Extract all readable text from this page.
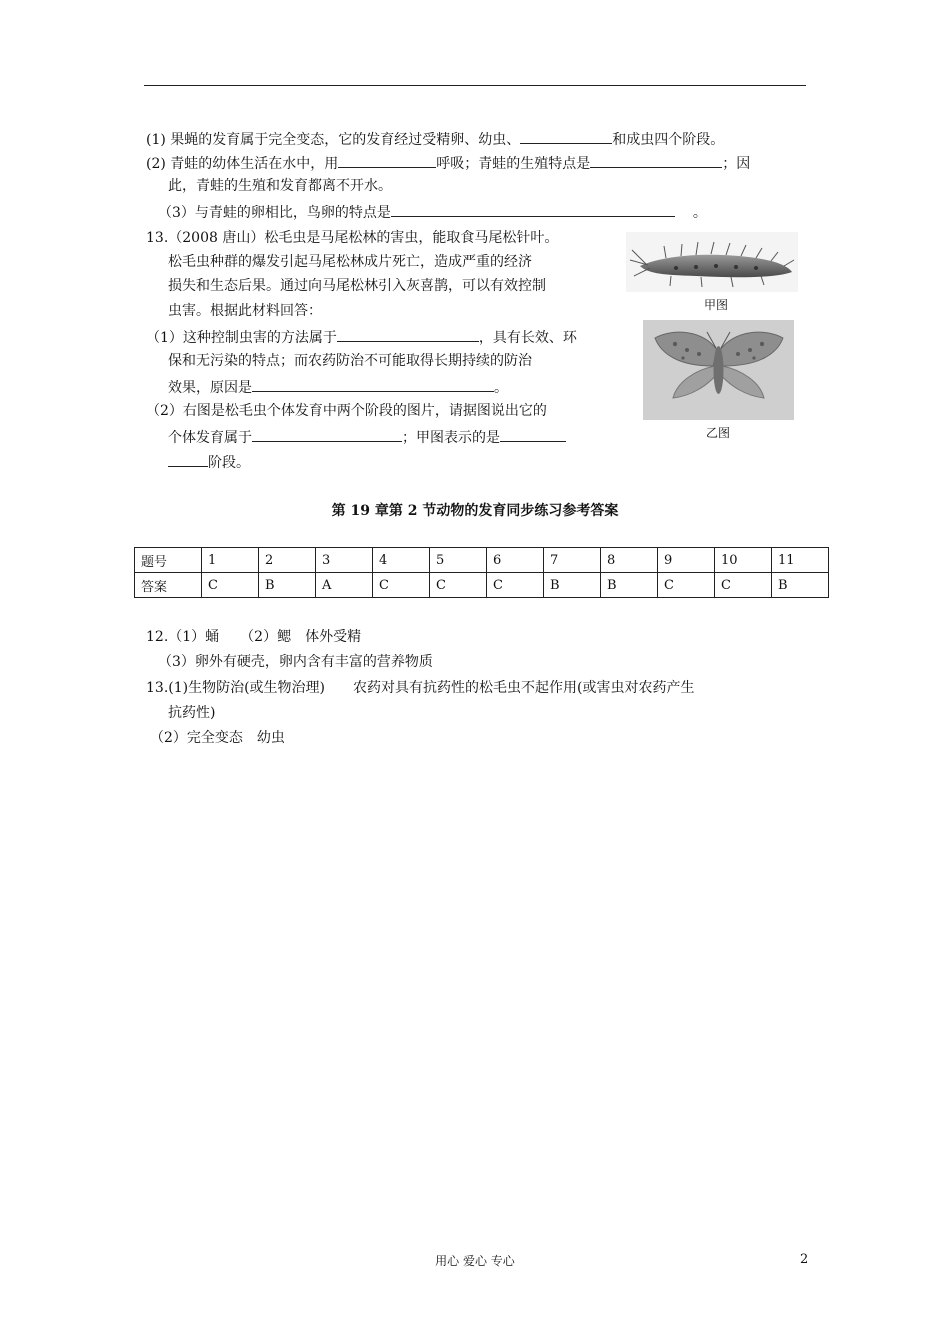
(1) 果蝇的发育属于完全变态，它的发育经过受精卵、幼虫、	和成虫四个阶段。
(2) 青蛙的幼体生活在水中，用	呼吸；青蛙的生殖特点是	；因
此，青蛙的生殖和发育都离不开水。
（3）与青蛙的卵相比，鸟卵的特点是	。
13.（2008 唐山）松毛虫是马尾松林的害虫，能取食马尾松针叶。
松毛虫种群的爆发引起马尾松林成片死亡，造成严重的经济
损失和生态后果。通过向马尾松林引入灰喜鹊，可以有效控制
虫害。根据此材料回答：
（1）这种控制虫害的方法属于	，具有长效、环
保和无污染的特点；而农药防治不可能取得长期持续的防治
效果，原因是	。
（2）右图是松毛虫个体发育中两个阶段的图片，请据图说出它的
个体发育属于	；甲图表示的是
阶段。
甲图
乙图
第 19 章第 2 节动物的发育同步练习参考答案
题号	1	2	3	4	5	6	7	8	9	10	11
答案	C	B	A	C	C	C	B	B	C	C	B
12.（1）蛹　　（2）鳃　体外受精
（3）卵外有硬壳，卵内含有丰富的营养物质
13.(1)生物防治(或生物治理)　　农药对具有抗药性的松毛虫不起作用(或害虫对农药产生
抗药性)
（2）完全变态　幼虫
用心 爱心 专心	2
